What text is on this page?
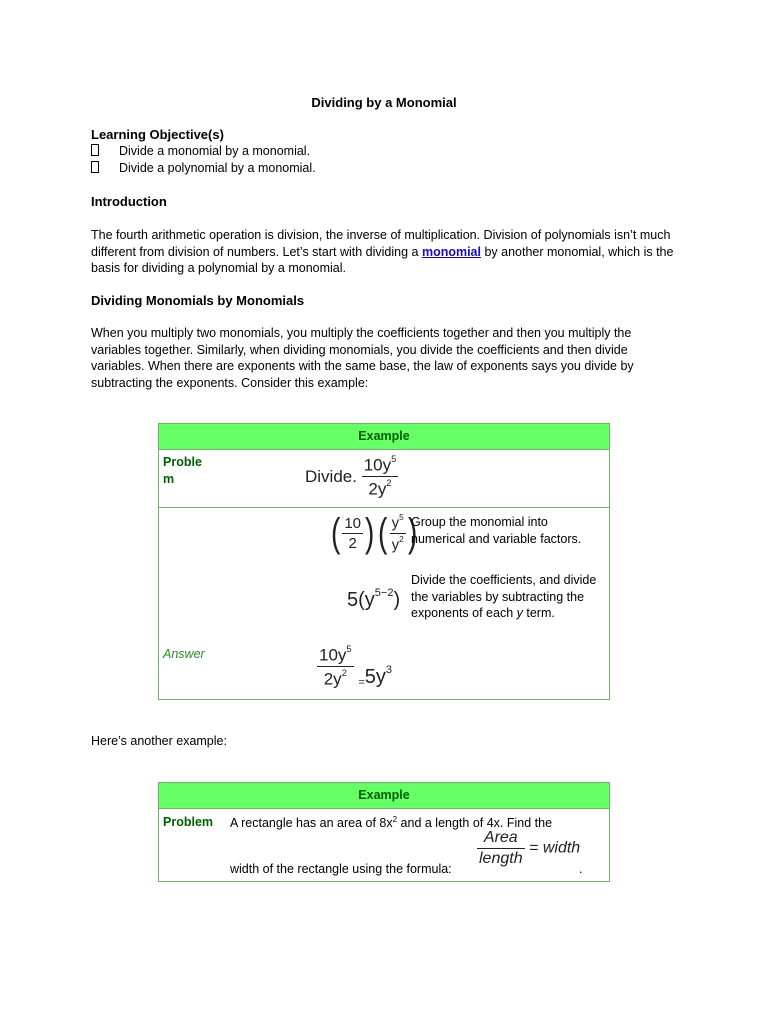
Dividing by a Monomial
Learning Objective(s)
Divide a monomial by a monomial.
Divide a polynomial by a monomial.
Introduction
The fourth arithmetic operation is division, the inverse of multiplication. Division of polynomials isn’t much different from division of numbers. Let’s start with dividing a monomial by another monomial, which is the basis for dividing a polynomial by a monomial.
Dividing Monomials by Monomials
When you multiply two monomials, you multiply the coefficients together and then you multiply the variables together. Similarly, when dividing monomials, you divide the coefficients and then divide variables. When there are exponents with the same base, the law of exponents says you divide by subtracting the exponents. Consider this example:
Example
Proble
m	Divide. $\frac{10y^5}{2y^2}$
( $\frac{10}{2}$ )( $\frac{y^5}{y^2}$ )
Group the monomial into numerical and variable factors.
$5(y^{5-2})$
Divide the coefficients, and divide the variables by subtracting the exponents of each y term.
Answer	$\frac{10y^5}{2y^2} _=5y^3$
Here’s another example:
Example
Problem A rectangle has an area of $8x^2$ and a length of 4x. Find the
width of the rectangle using the formula:
$\frac{\text{Area}}{\text{length}}$ = width
.
